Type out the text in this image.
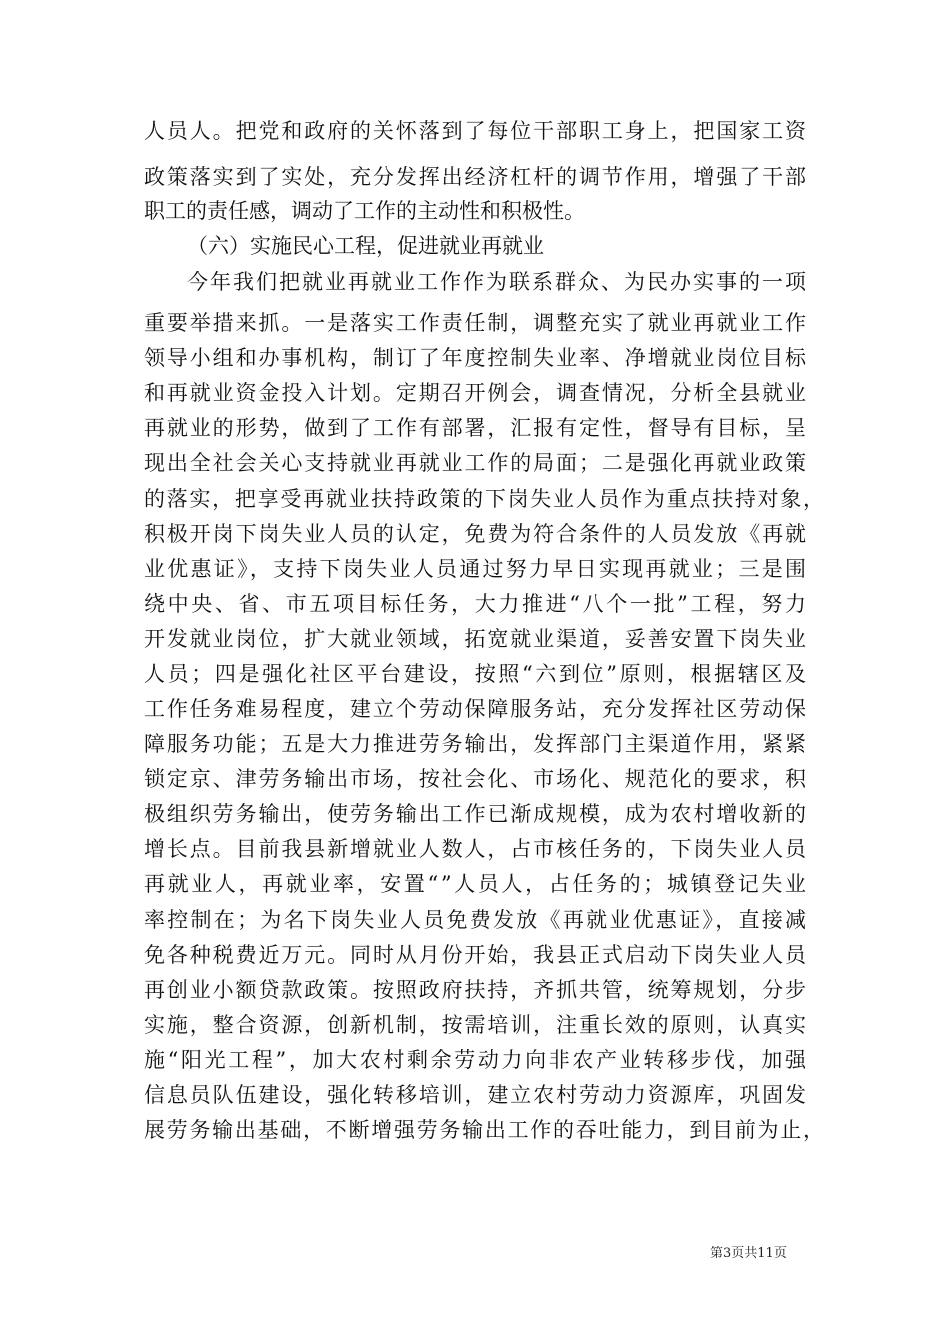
人员人。把党和政府的关怀落到了每位干部职工身上，把国家工资
政策落实到了实处，充分发挥出经济杠杆的调节作用，增强了干部
职工的责任感，调动了工作的主动性和积极性。
（六）实施民心工程，促进就业再就业
今年我们把就业再就业工作作为联系群众、为民办实事的一项
重要举措来抓。一是落实工作责任制，调整充实了就业再就业工作
领导小组和办事机构，制订了年度控制失业率、净增就业岗位目标
和再就业资金投入计划。定期召开例会，调查情况，分析全县就业
再就业的形势，做到了工作有部署，汇报有定性，督导有目标，呈
现出全社会关心支持就业再就业工作的局面；二是强化再就业政策
的落实，把享受再就业扶持政策的下岗失业人员作为重点扶持对象，
积极开岗下岗失业人员的认定，免费为符合条件的人员发放《再就
业优惠证》，支持下岗失业人员通过努力早日实现再就业；三是围
绕中央、省、市五项目标任务，大力推进“八个一批”工程，努力
开发就业岗位，扩大就业领域，拓宽就业渠道，妥善安置下岗失业
人员；四是强化社区平台建设，按照“六到位”原则，根据辖区及
工作任务难易程度，建立个劳动保障服务站，充分发挥社区劳动保
障服务功能；五是大力推进劳务输出，发挥部门主渠道作用，紧紧
锁定京、津劳务输出市场，按社会化、市场化、规范化的要求，积
极组织劳务输出，使劳务输出工作已渐成规模，成为农村增收新的
增长点。目前我县新增就业人数人，占市核任务的，下岗失业人员
再就业人，再就业率，安置“”人员人，占任务的；城镇登记失业
率控制在；为名下岗失业人员免费发放《再就业优惠证》，直接减
免各种税费近万元。同时从月份开始，我县正式启动下岗失业人员
再创业小额贷款政策。按照政府扶持，齐抓共管，统筹规划，分步
实施，整合资源，创新机制，按需培训，注重长效的原则，认真实
施“阳光工程”，加大农村剩余劳动力向非农产业转移步伐，加强
信息员队伍建设，强化转移培训，建立农村劳动力资源库，巩固发
展劳务输出基础，不断增强劳务输出工作的吞吐能力，到目前为止，
第3页共11页
